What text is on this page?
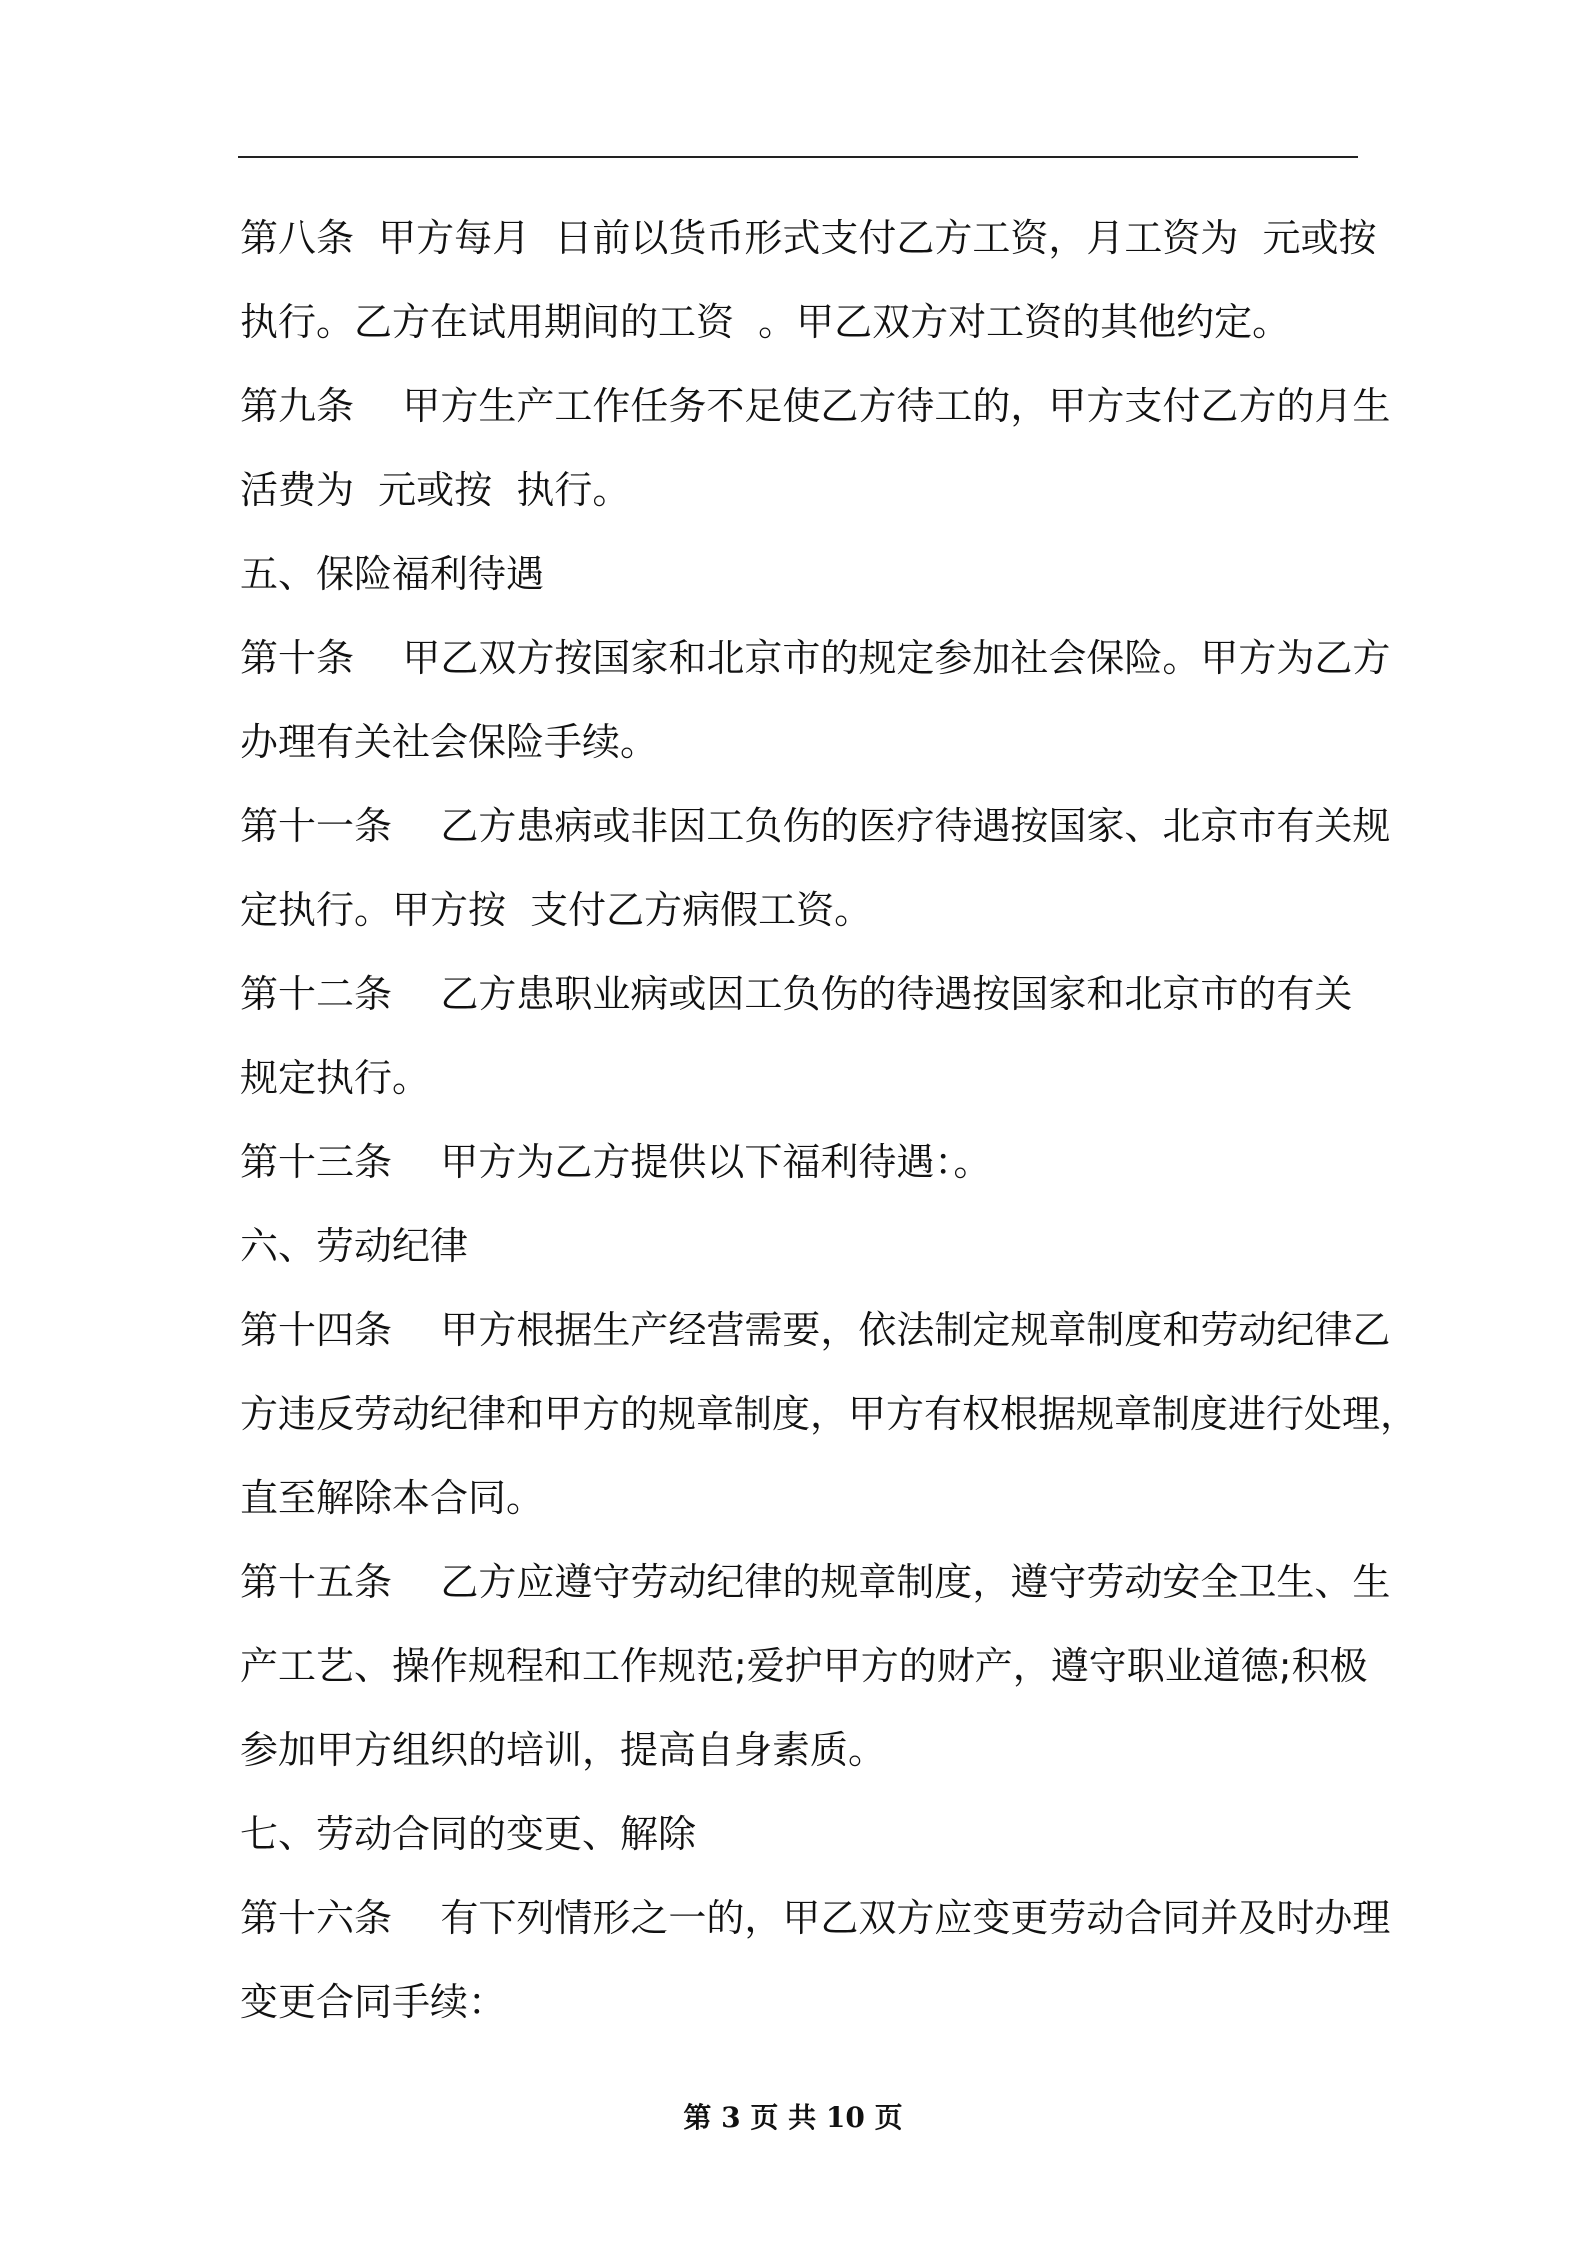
第八条  甲方每月  日前以货币形式支付乙方工资，月工资为  元或按
执行。乙方在试用期间的工资  。甲乙双方对工资的其他约定。
第九条    甲方生产工作任务不足使乙方待工的，甲方支付乙方的月生
活费为  元或按  执行。
五、保险福利待遇
第十条    甲乙双方按国家和北京市的规定参加社会保险。甲方为乙方
办理有关社会保险手续。
第十一条    乙方患病或非因工负伤的医疗待遇按国家、北京市有关规
定执行。甲方按  支付乙方病假工资。
第十二条    乙方患职业病或因工负伤的待遇按国家和北京市的有关
规定执行。
第十三条    甲方为乙方提供以下福利待遇：。
六、劳动纪律
第十四条    甲方根据生产经营需要，依法制定规章制度和劳动纪律乙
方违反劳动纪律和甲方的规章制度，甲方有权根据规章制度进行处理，
直至解除本合同。
第十五条    乙方应遵守劳动纪律的规章制度，遵守劳动安全卫生、生
产工艺、操作规程和工作规范;爱护甲方的财产，遵守职业道德;积极
参加甲方组织的培训，提高自身素质。
七、劳动合同的变更、解除
第十六条    有下列情形之一的，甲乙双方应变更劳动合同并及时办理
变更合同手续：
第 3 页 共 10 页
